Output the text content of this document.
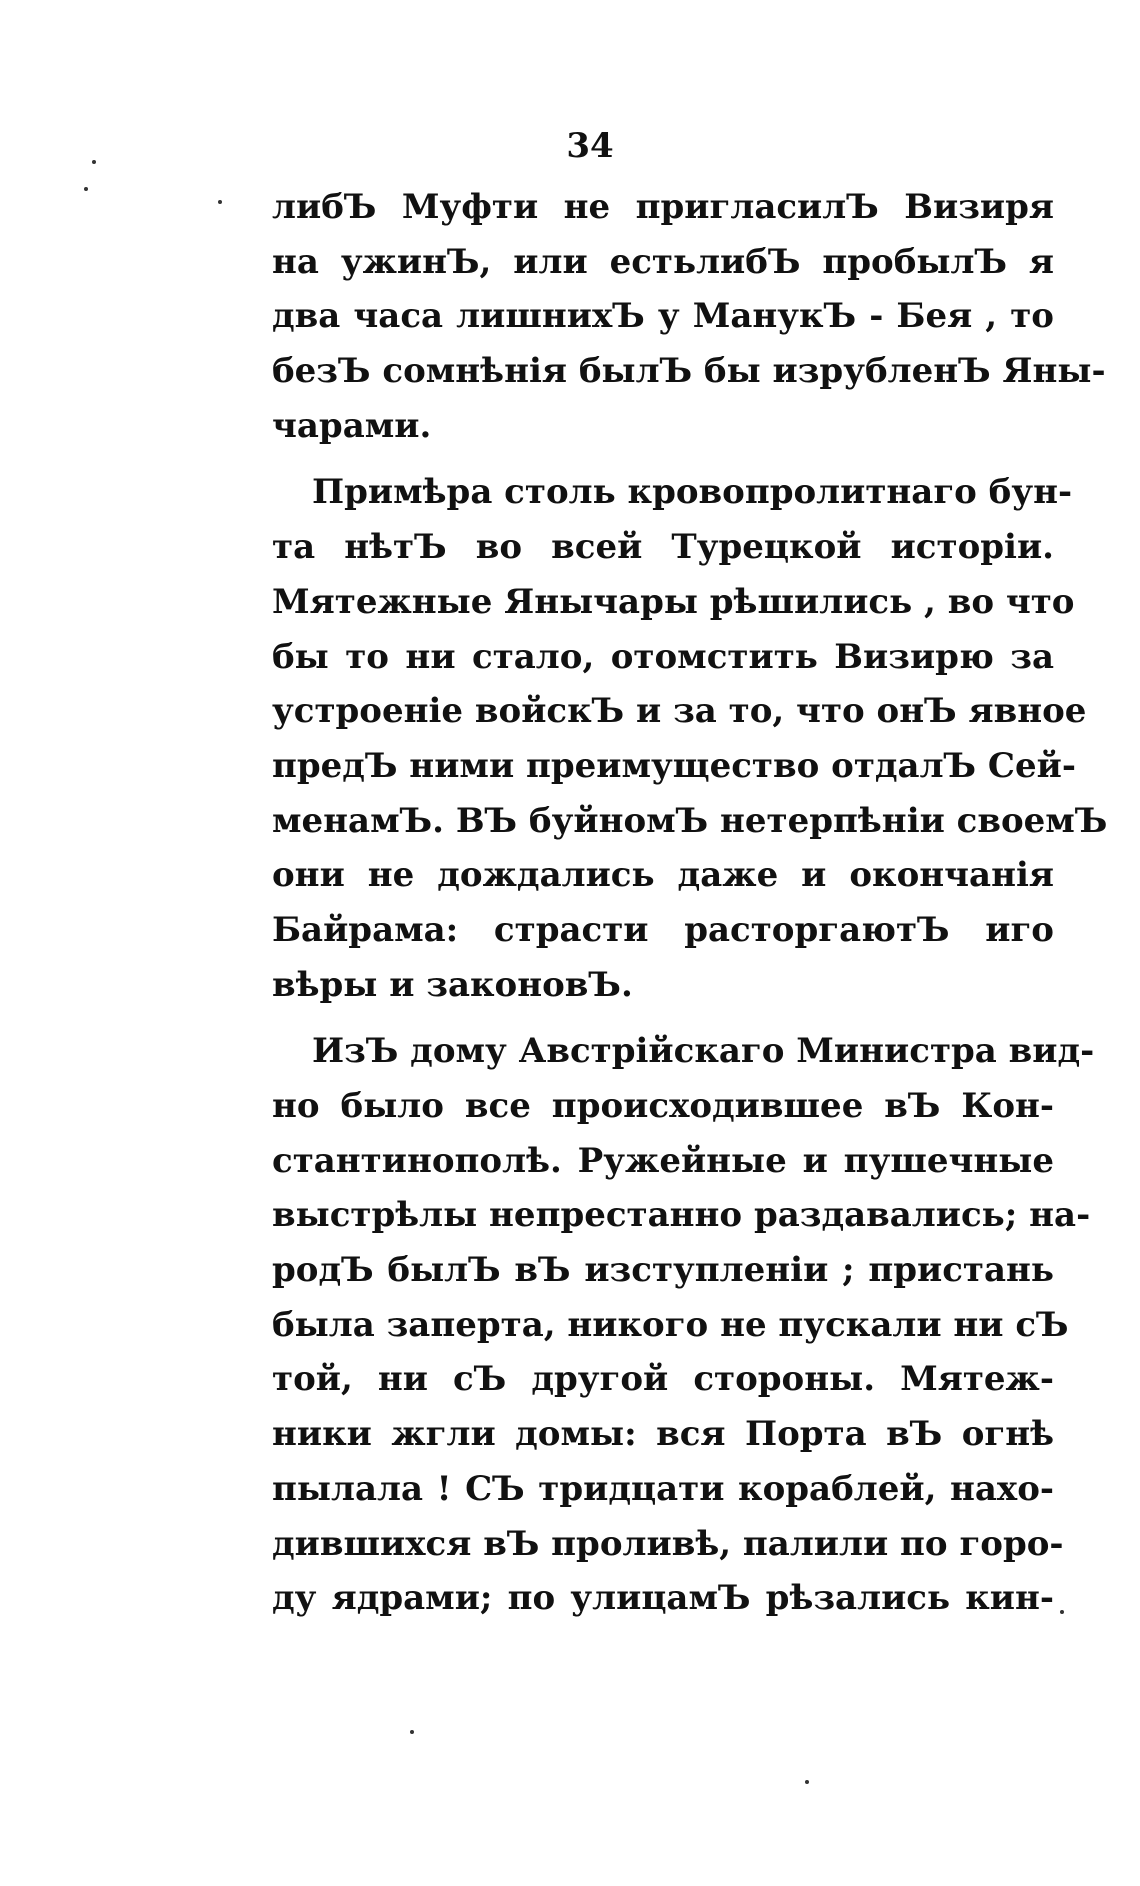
34
либЪ Муфти не пригласилЪ Визиря
на ужинЪ, или естьлибЪ пробылЪ я
два часа лишнихЪ у МанукЪ - Бея , то
безЪ сомнѣнія былЪ бы изрубленЪ Яны-
чарами.
Примѣра столь кровопролитнаго бун-
та нѣтЪ во всей Турецкой исторіи.
Мятежные Янычары рѣшились , во что
бы то ни стало, отомстить Визирю за
устроеніе войскЪ и за то, что онЪ явное
предЪ ними преимущество отдалЪ Сей-
менамЪ. ВЪ буйномЪ нетерпѣніи своемЪ
они не дождались даже и окончанія
Байрама: страсти расторгаютЪ иго
вѣры и законовЪ.
ИзЪ дому Австрійскаго Министра вид-
но было все происходившее вЪ Кон-
стантинополѣ. Ружейные и пушечные
выстрѣлы непрестанно раздавались; на-
родЪ былЪ вЪ изступленіи ; пристань
была заперта, никого не пускали ни сЪ
той, ни сЪ другой стороны. Мятеж-
ники жгли домы: вся Порта вЪ огнѣ
пылала ! СЪ тридцати кораблей, нахо-
дившихся вЪ проливѣ, палили по горо-
ду ядрами; по улицамЪ рѣзались кин-
